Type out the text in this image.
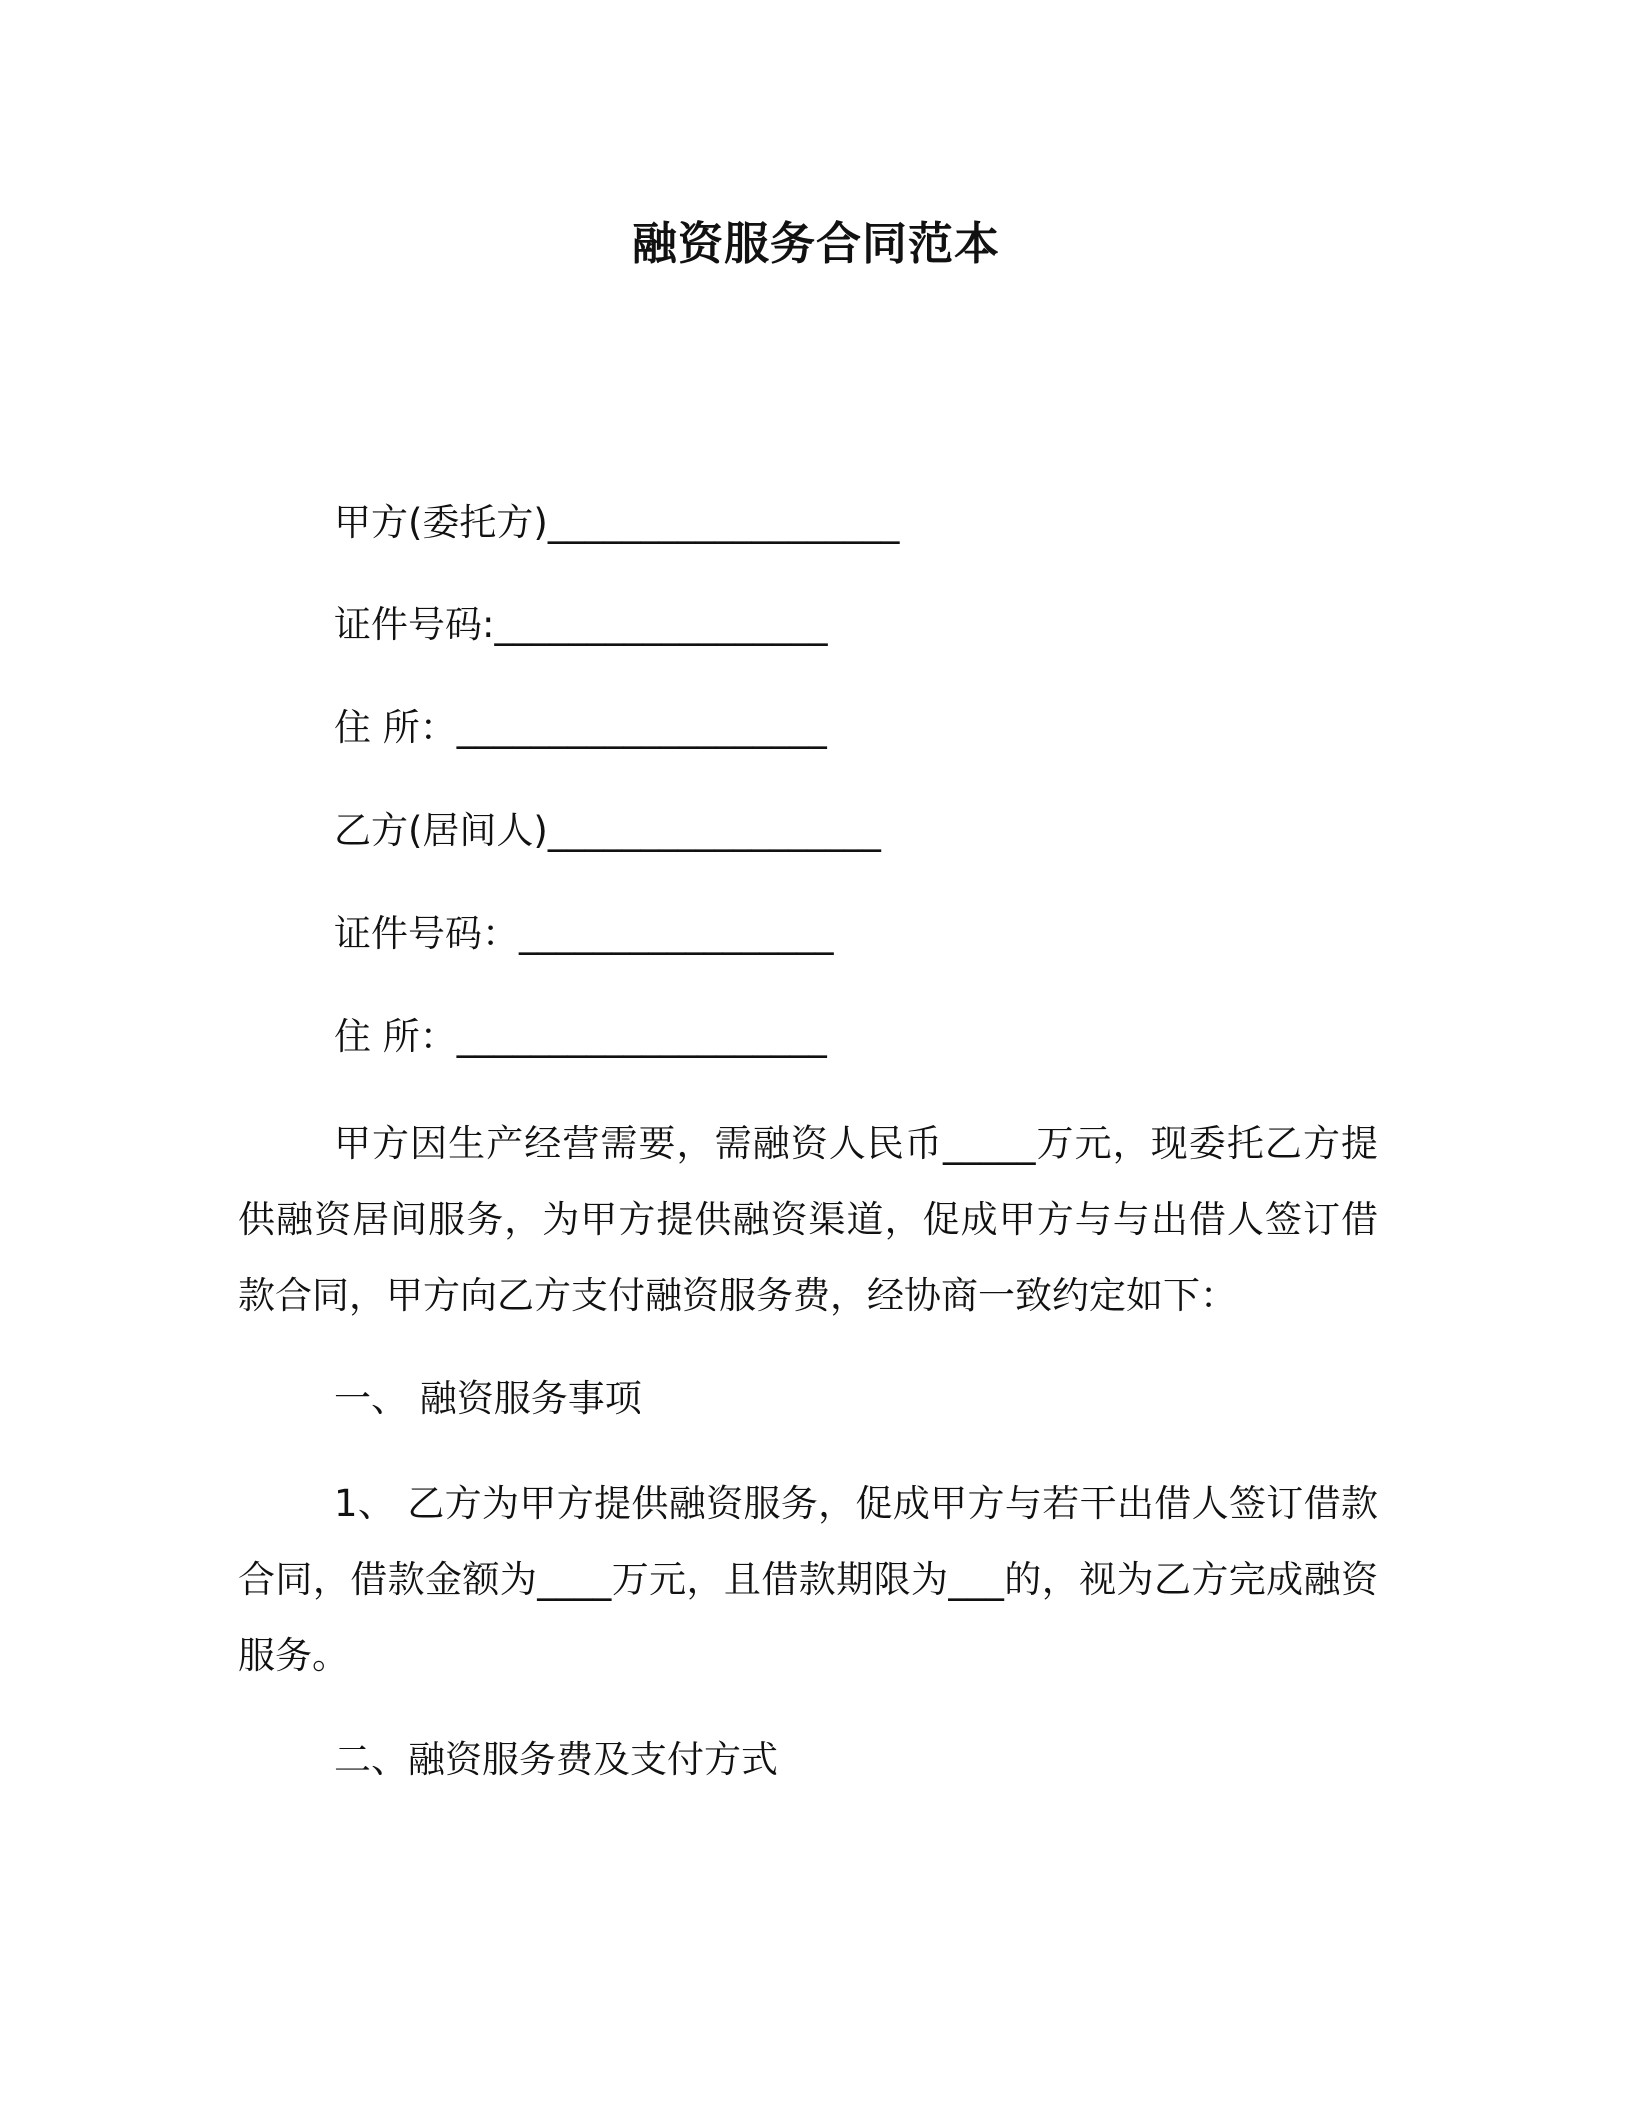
融资服务合同范本
甲方(委托方)___________________
证件号码:__________________
住 所：____________________
乙方(居间人)__________________
证件号码：_________________
住 所：____________________
甲方因生产经营需要，需融资人民币_____万元，现委托乙方提供融资居间服务，为甲方提供融资渠道，促成甲方与与出借人签订借款合同，甲方向乙方支付融资服务费，经协商一致约定如下：
一、 融资服务事项
1、 乙方为甲方提供融资服务，促成甲方与若干出借人签订借款合同，借款金额为____万元，且借款期限为___的，视为乙方完成融资服务。
二、融资服务费及支付方式
